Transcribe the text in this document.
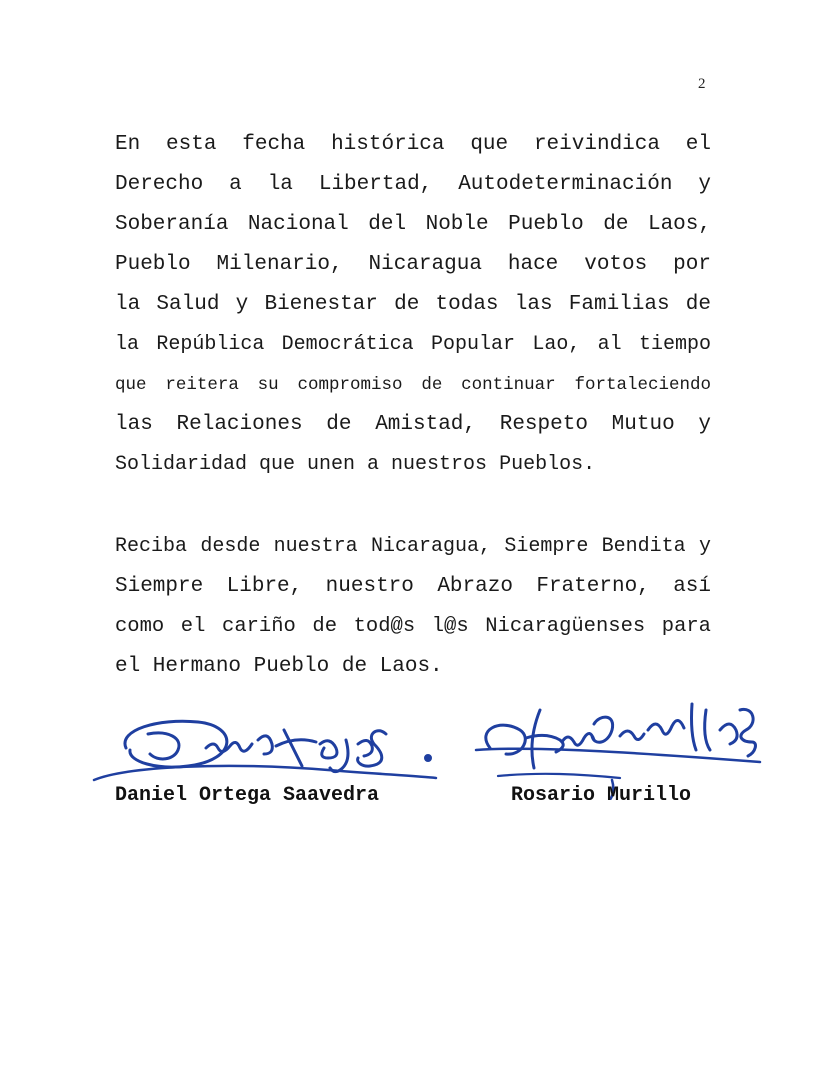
2
En esta fecha histórica que reivindica el
Derecho a la Libertad, Autodeterminación y
Soberanía Nacional del Noble Pueblo de Laos,
Pueblo Milenario, Nicaragua hace votos por
la Salud y Bienestar de todas las Familias de
la República Democrática Popular Lao, al tiempo
que reitera su compromiso de continuar fortaleciendo
las Relaciones de Amistad, Respeto Mutuo y
Solidaridad que unen a nuestros Pueblos.
Reciba desde nuestra Nicaragua, Siempre Bendita y
Siempre Libre, nuestro Abrazo Fraterno, así
como el cariño de tod@s l@s Nicaragüenses para
el Hermano Pueblo de Laos.
Daniel Ortega Saavedra	Rosario Murillo
